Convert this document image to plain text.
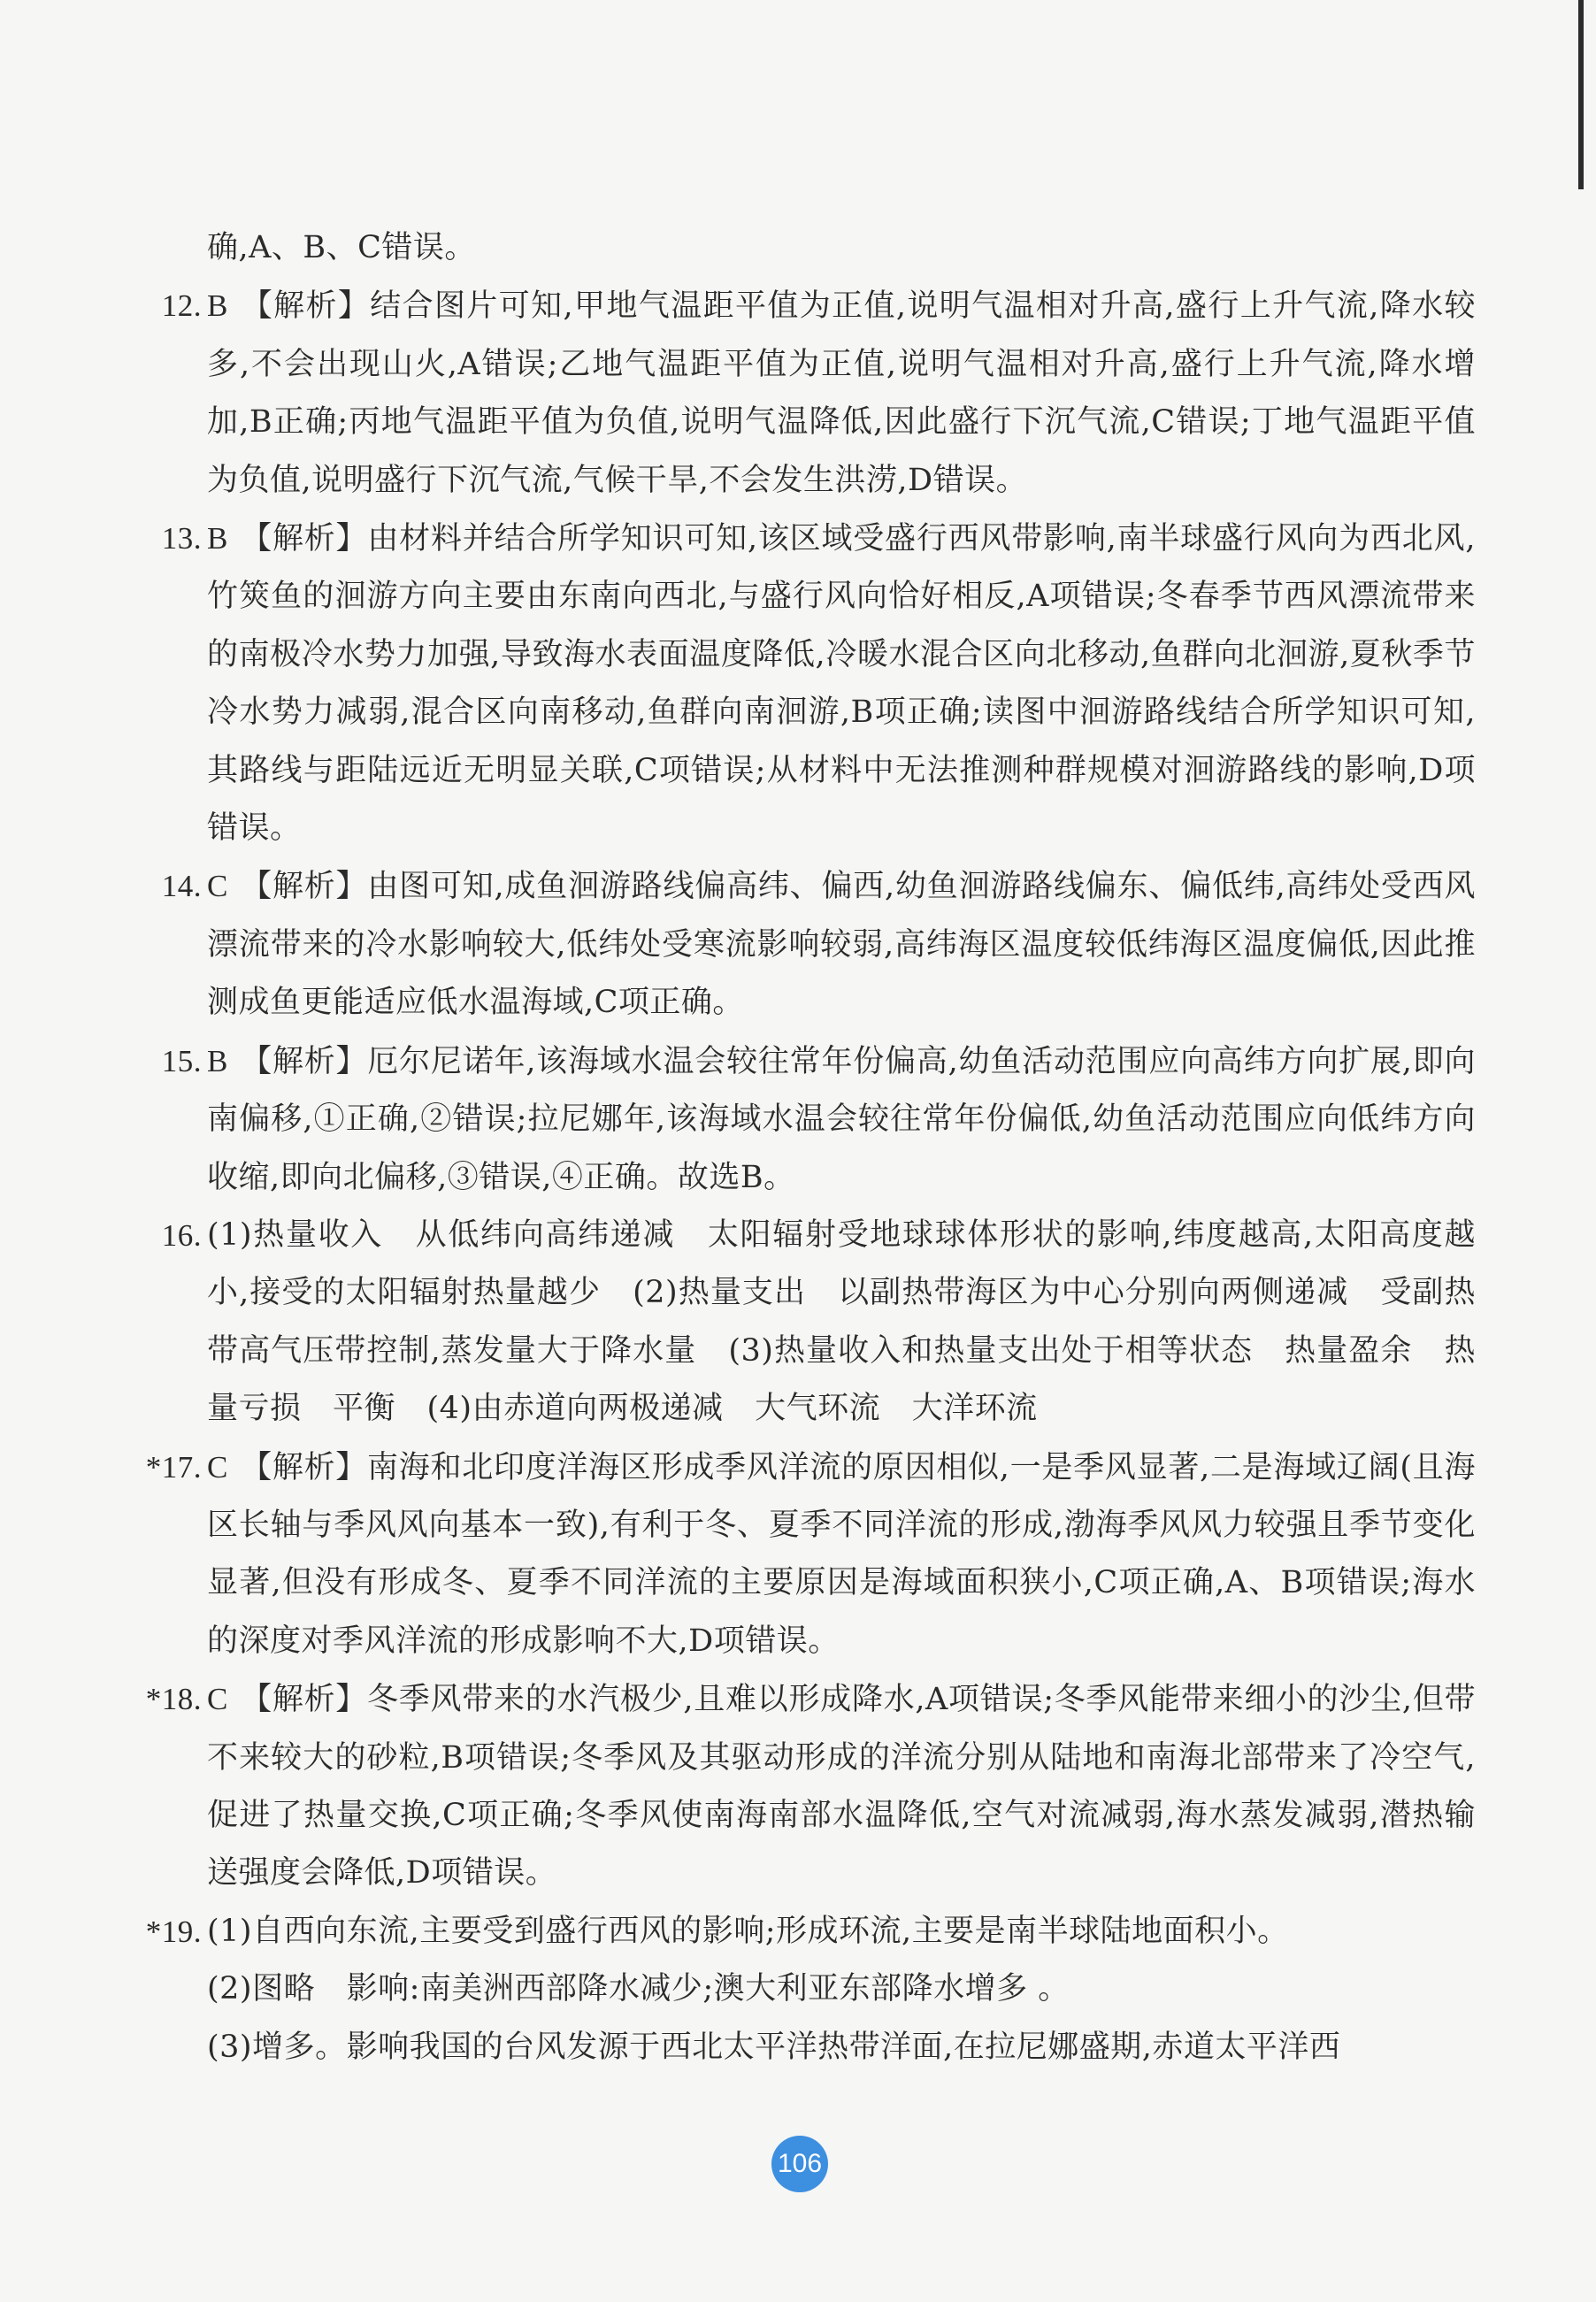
确,A、B、C错误。
12. B 【解析】结合图片可知,甲地气温距平值为正值,说明气温相对升高,盛行上升气流,降水较多,不会出现山火,A错误;乙地气温距平值为正值,说明气温相对升高,盛行上升气流,降水增加,B正确;丙地气温距平值为负值,说明气温降低,因此盛行下沉气流,C错误;丁地气温距平值为负值,说明盛行下沉气流,气候干旱,不会发生洪涝,D错误。
13. B 【解析】由材料并结合所学知识可知,该区域受盛行西风带影响,南半球盛行风向为西北风,竹筴鱼的洄游方向主要由东南向西北,与盛行风向恰好相反,A项错误;冬春季节西风漂流带来的南极冷水势力加强,导致海水表面温度降低,冷暖水混合区向北移动,鱼群向北洄游,夏秋季节冷水势力减弱,混合区向南移动,鱼群向南洄游,B项正确;读图中洄游路线结合所学知识可知,其路线与距陆远近无明显关联,C项错误;从材料中无法推测种群规模对洄游路线的影响,D项错误。
14. C 【解析】由图可知,成鱼洄游路线偏高纬、偏西,幼鱼洄游路线偏东、偏低纬,高纬处受西风漂流带来的冷水影响较大,低纬处受寒流影响较弱,高纬海区温度较低纬海区温度偏低,因此推测成鱼更能适应低水温海域,C项正确。
15. B 【解析】厄尔尼诺年,该海域水温会较往常年份偏高,幼鱼活动范围应向高纬方向扩展,即向南偏移,①正确,②错误;拉尼娜年,该海域水温会较往常年份偏低,幼鱼活动范围应向低纬方向收缩,即向北偏移,③错误,④正确。故选B。
16. (1)热量收入　从低纬向高纬递减　太阳辐射受地球球体形状的影响,纬度越高,太阳高度越小,接受的太阳辐射热量越少　(2)热量支出　以副热带海区为中心分别向两侧递减　受副热带高气压带控制,蒸发量大于降水量　(3)热量收入和热量支出处于相等状态　热量盈余　热量亏损　平衡　(4)由赤道向两极递减　大气环流　大洋环流
*17. C 【解析】南海和北印度洋海区形成季风洋流的原因相似,一是季风显著,二是海域辽阔(且海区长轴与季风风向基本一致),有利于冬、夏季不同洋流的形成,渤海季风风力较强且季节变化显著,但没有形成冬、夏季不同洋流的主要原因是海域面积狭小,C项正确,A、B项错误;海水的深度对季风洋流的形成影响不大,D项错误。
*18. C 【解析】冬季风带来的水汽极少,且难以形成降水,A项错误;冬季风能带来细小的沙尘,但带不来较大的砂粒,B项错误;冬季风及其驱动形成的洋流分别从陆地和南海北部带来了冷空气,促进了热量交换,C项正确;冬季风使南海南部水温降低,空气对流减弱,海水蒸发减弱,潜热输送强度会降低,D项错误。
*19. (1)自西向东流,主要受到盛行西风的影响;形成环流,主要是南半球陆地面积小。
(2)图略　影响:南美洲西部降水减少;澳大利亚东部降水增多 。
(3)增多。影响我国的台风发源于西北太平洋热带洋面,在拉尼娜盛期,赤道太平洋西
106
